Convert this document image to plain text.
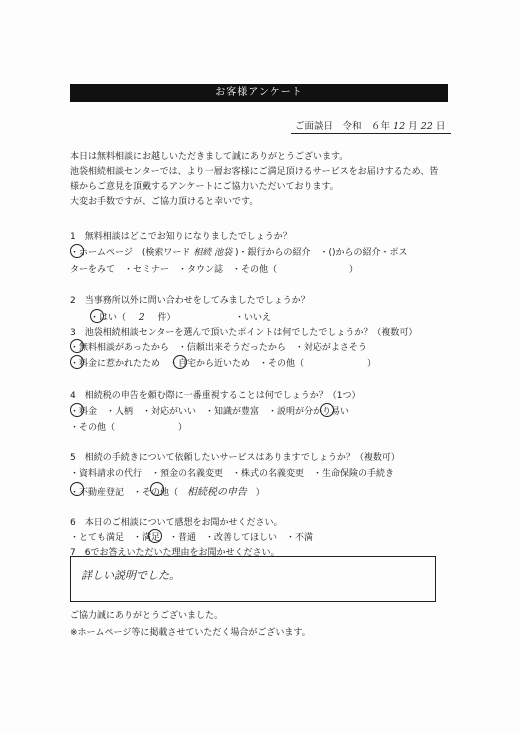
お客様アンケート
ご面談日　令和　６年 12 月 22 日
本日は無料相談にお越しいただきまして誠にありがとうございます。
池袋相続相談センターでは、より一層お客様にご満足頂けるサービスをお届けするため、皆
様からご意見を頂戴するアンケートにご協力いただいております。
大変お手数ですが、ご協力頂けると幸いです。
1　無料相談はどこでお知りになりましたでしょうか？
・ホームページ　(検索ワード 相続 池袋 )・銀行からの紹介　・()からの紹介・ポス
ターをみて　・セミナー　・タウン誌　・その他（　　　　　　　　）
2　当事務所以外に問い合わせをしてみましたでしょうか？
・はい（ 2 件）	・いいえ
3　池袋相続相談センターを選んで頂いたポイントは何でしたでしょうか？（複数可）
・無料相談があったから　・信頼出来そうだったから　・対応がよさそう
・料金に惹かれたため　・自宅から近いため　・その他（　　　　　　　）
4　相続税の申告を頼む際に一番重視することは何でしょうか？（1つ）
・料金　・人柄　・対応がいい　・知識が豊富　・説明が分かり易い
・その他（　　　　　　　）
5　相続の手続きについて依頼したいサービスはありますでしょうか？（複数可）
・資料請求の代行　・預金の名義変更　・株式の名義変更　・生命保険の手続き
・不動産登記　・その他（ 相続税の申告 ）
6　本日のご相談について感想をお聞かせください。
・とても満足　・満足　・普通　・改善してほしい　・不満
7　6でお答えいただいた理由をお聞かせください。
詳しい説明でした。
ご協力誠にありがとうございました。
※ホームページ等に掲載させていただく場合がございます。
